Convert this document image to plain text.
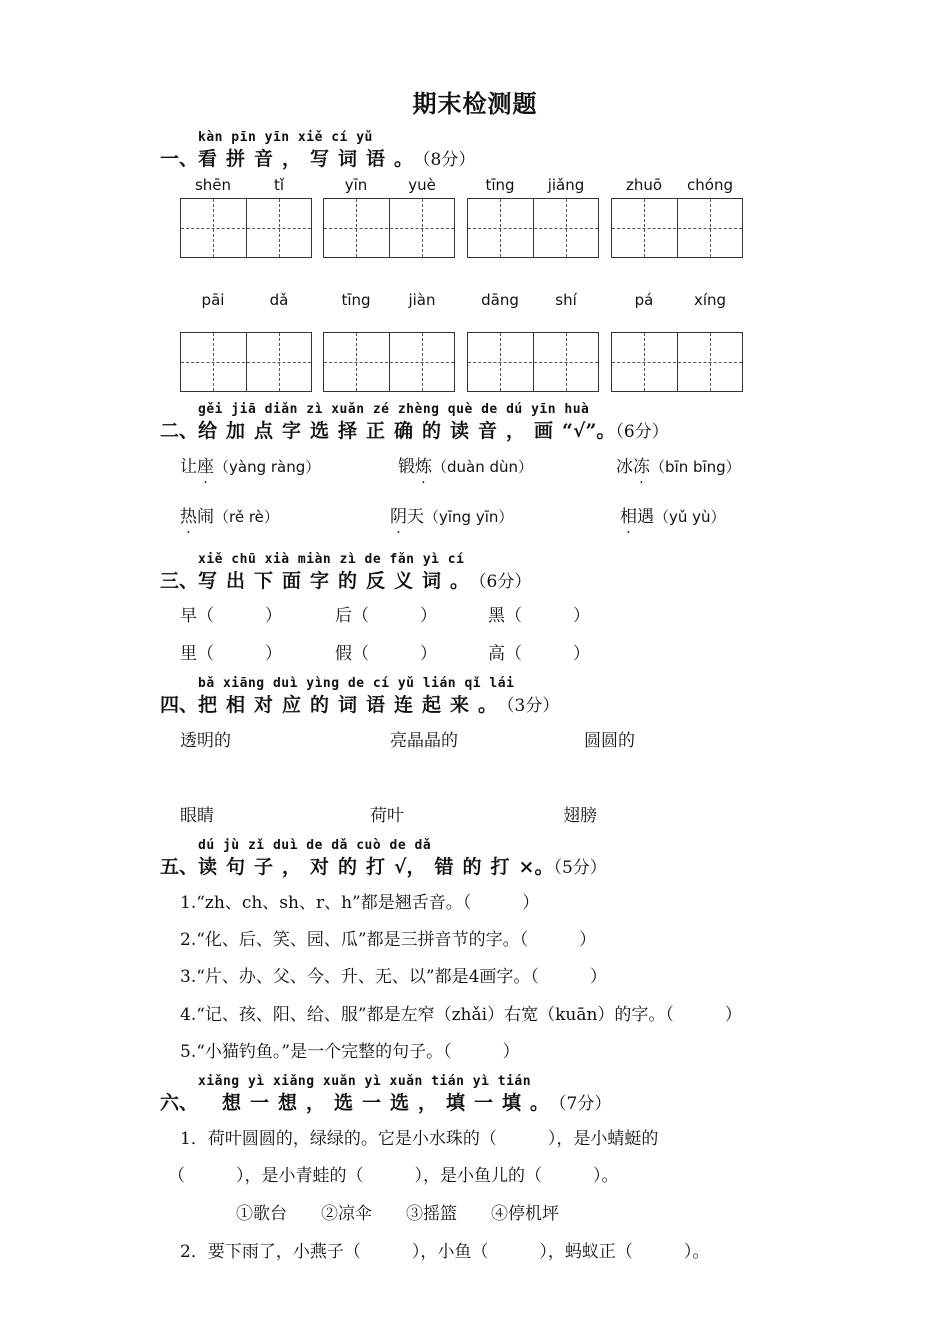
期末检测题
kàn pīn yīn xiě cí yǔ
一、看拼音，写词语。（8分）
shēn	tǐ	yīn	yuè	tīng	jiǎng	zhuō	chóng
pāi	dǎ	tīng	jiàn	dāng	shí	pá	xíng
gěi jiā diǎn zì xuǎn zé zhèng què de dú yīn huà
二、给加点字选择正确的读音，画“√”。（6分）
让座（yàng ràng）	锻炼（duàn dùn）	冰冻（bīn bīng）
热闹（rě rè）	阴天（yīng yīn）	相遇（yǔ yù）
xiě chū xià miàn zì de fǎn yì cí
三、写出下面字的反义词。（6分）
早（　　　）	后（　　　）	黑（　　　）
里（　　　）	假（　　　）	高（　　　）
bǎ xiāng duì yìng de cí yǔ lián qǐ lái
四、把相对应的词语连起来。（3分）
透明的	亮晶晶的	圆圆的
眼睛	荷叶	翅膀
dú jù zǐ duì de dǎ cuò de dǎ
五、读句子，对的打√，错的打×。（5分）
1.“zh、ch、sh、r、h”都是翘舌音。（　　　）
2.“化、后、笑、园、瓜”都是三拼音节的字。（　　　）
3.“片、办、父、今、升、无、以”都是4画字。（　　　）
4.“记、孩、阳、给、服”都是左窄（zhǎi）右宽（kuān）的字。（　　　）
5.“小猫钓鱼。”是一个完整的句子。（　　　）
xiǎng yì xiǎng xuǎn yì xuǎn tián yì tián
六、 想一想，选一选，填一填。（7分）
1．荷叶圆圆的，绿绿的。它是小水珠的（　　　），是小蜻蜓的
（　　　），是小青蛙的（　　　），是小鱼儿的（　　　）。
①歌台　　②凉伞　　③摇篮　　④停机坪
2．要下雨了，小燕子（　　　），小鱼（　　　），蚂蚁正（　　　）。
